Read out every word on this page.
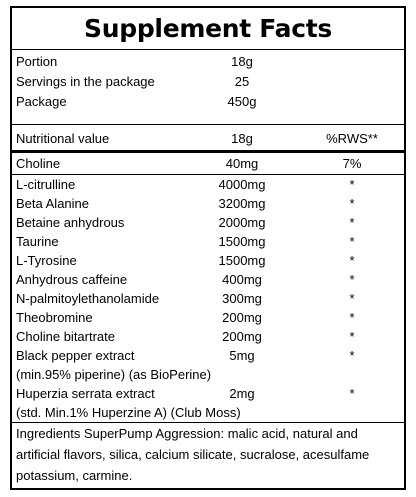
Supplement Facts
Portion	18g
Servings in the package	25
Package	450g
Nutritional value	18g	%RWS**
Choline	40mg	7%
L-citrulline	4000mg	*
Beta Alanine	3200mg	*
Betaine anhydrous	2000mg	*
Taurine	1500mg	*
L-Tyrosine	1500mg	*
Anhydrous caffeine	400mg	*
N-palmitoylethanolamide	300mg	*
Theobromine	200mg	*
Choline bitartrate	200mg	*
Black pepper extract	5mg	*
(min.95% piperine) (as BioPerine)
Huperzia serrata extract	2mg	*
(std. Min.1% Huperzine A) (Club Moss)
Ingredients SuperPump Aggression: malic acid, natural and artificial flavors, silica, calcium silicate, sucralose, acesulfame potassium, carmine.
